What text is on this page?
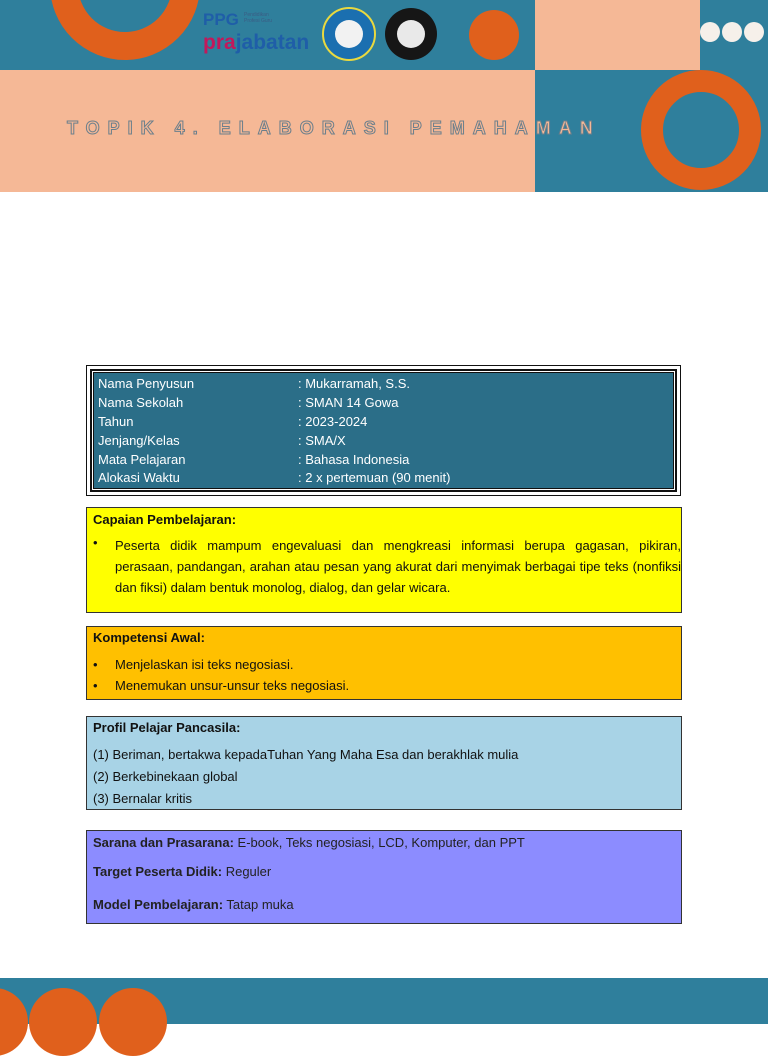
PPG Pendidikan Profesi Guru
prajabatan
TOPIK 4. ELABORASI PEMAHAMAN
Nama Penyusun	: Mukarramah, S.S.
Nama Sekolah	: SMAN 14 Gowa
Tahun	: 2023-2024
Jenjang/Kelas	: SMA/X
Mata Pelajaran	: Bahasa Indonesia
Alokasi Waktu	: 2 x pertemuan (90 menit)
Capaian Pembelajaran:
• Peserta didik mampum engevaluasi dan mengkreasi informasi berupa gagasan, pikiran, perasaan, pandangan, arahan atau pesan yang akurat dari menyimak berbagai tipe teks (nonfiksi dan fiksi) dalam bentuk monolog, dialog, dan gelar wicara.
Kompetensi Awal:
• Menjelaskan isi teks negosiasi.
• Menemukan unsur-unsur teks negosiasi.
Profil Pelajar Pancasila:
(1) Beriman, bertakwa kepadaTuhan Yang Maha Esa dan berakhlak mulia
(2) Berkebinekaan global
(3) Bernalar kritis
Sarana dan Prasarana: E-book, Teks negosiasi, LCD, Komputer, dan PPT
Target Peserta Didik: Reguler
Model Pembelajaran: Tatap muka
